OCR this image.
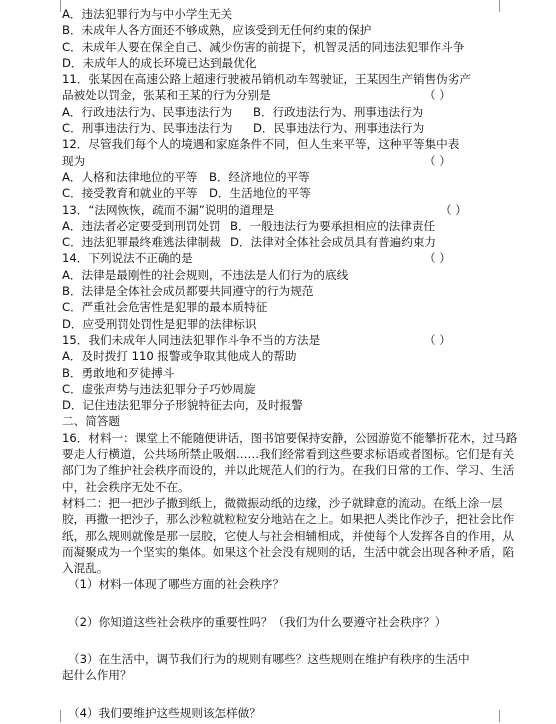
A．违法犯罪行为与中小学生无关
B．未成年人各方面还不够成熟，应该受到无任何约束的保护
C．未成年人要在保全自己、减少伤害的前提下，机智灵活的同违法犯罪作斗争
D．未成年人的成长环境已达到最优化
11．张某因在高速公路上超速行驶被吊销机动车驾驶证，王某因生产销售伪劣产
品被处以罚金，张某和王某的行为分别是	（ ）
A．行政违法行为、民事违法行为 B．行政违法行为、刑事违法行为
C．刑事违法行为、民事违法行为 D．民事违法行为、刑事违法行为
12．尽管我们每个人的境遇和家庭条件不同，但人生来平等，这种平等集中表
现为	（ ）
A．人格和法律地位的平等 B．经济地位的平等
C．接受教育和就业的平等 D．生活地位的平等
13．“法网恢恢，疏而不漏”说明的道理是	（ ）
A．违法者必定要受到刑罚处罚 B．一般违法行为要承担相应的法律责任
C．违法犯罪最终难逃法律制裁 D．法律对全体社会成员具有普遍约束力
14．下列说法不正确的是	（ ）
A．法律是最刚性的社会规则，不违法是人们行为的底线
B．法律是全体社会成员都要共同遵守的行为规范
C．严重社会危害性是犯罪的最本质特征
D．应受刑罚处罚性是犯罪的法律标识
15．我们未成年人同违法犯罪作斗争不当的方法是	（ ）
A．及时拨打 110 报警或争取其他成人的帮助
B．勇敢地和歹徒搏斗
C．虚张声势与违法犯罪分子巧妙周旋
D．记住违法犯罪分子形貌特征去向，及时报警
二、简答题
16．材料一：课堂上不能随便讲话，图书馆要保持安静，公园游览不能攀折花木，过马路要走人行横道，公共场所禁止吸烟……我们经常看到这些要求标语或者图标。它们是有关部门为了维护社会秩序而设的，并以此规范人们的行为。在我们日常的工作、学习、生活中，社会秩序无处不在。
材料二：把一把沙子撒到纸上，微微振动纸的边缘，沙子就肆意的流动。在纸上涂一层胶，再撒一把沙子，那么沙粒就粒粒安分地站在之上。如果把人类比作沙子，把社会比作纸，那么规则就像是那一层胶，它使人与社会相辅相成，并使每个人发挥各自的作用，从而凝聚成为一个坚实的集体。如果这个社会没有规则的话，生活中就会出现各种矛盾，陷入混乱。
（1）材料一体现了哪些方面的社会秩序？
（2）你知道这些社会秩序的重要性吗？（我们为什么要遵守社会秩序？）
（3）在生活中，调节我们行为的规则有哪些？这些规则在维护有秩序的生活中
起什么作用？
（4）我们要维护这些规则该怎样做？
